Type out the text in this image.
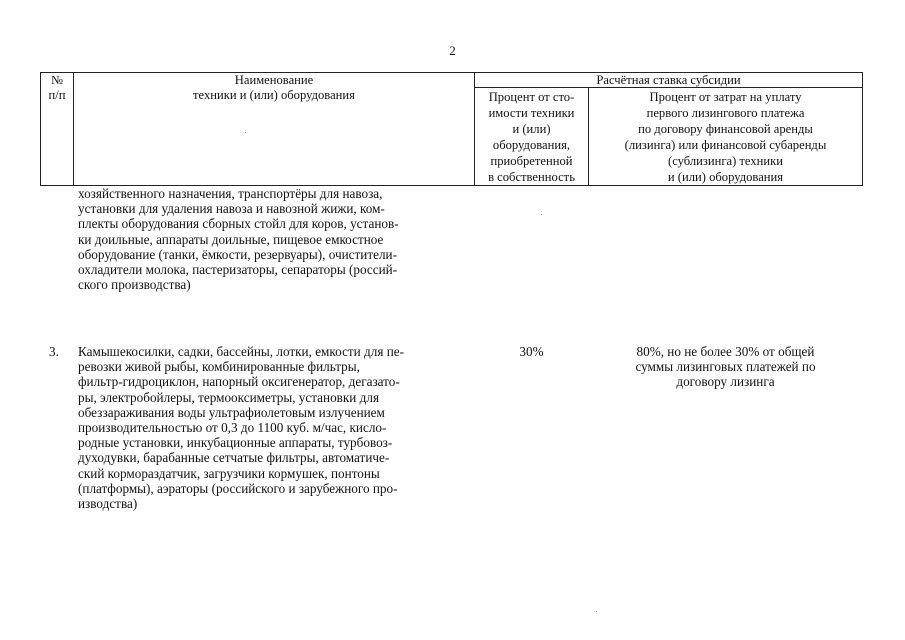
2
№
п/п
Наименование
техники и (или) оборудования
Расчётная ставка субсидии
Процент от сто-
имости техники
и (или)
оборудования,
приобретенной
в собственность
Процент от затрат на уплату
первого лизингового платежа
по договору финансовой аренды
(лизинга) или финансовой субаренды
(сублизинга) техники
и (или) оборудования
хозяйственного назначения, транспортёры для навоза,
установки для удаления навоза и навозной жижи, ком-
плекты оборудования сборных стойл для коров, установ-
ки доильные, аппараты доильные, пищевое емкостное
оборудование (танки, ёмкости, резервуары), очистители-
охладители молока, пастеризаторы, сепараторы (россий-
ского производства)
3. Камышекосилки, садки, бассейны, лотки, емкости для пе-
ревозки живой рыбы, комбинированные фильтры,
фильтр-гидроциклон, напорный оксигенератор, дегазато-
ры, электробойлеры, термооксиметры, установки для
обеззараживания воды ультрафиолетовым излучением
производительностью от 0,3 до 1100 куб. м/час, кисло-
родные установки, инкубационные аппараты, турбовоз-
духодувки, барабанные сетчатые фильтры, автоматиче-
ский кормораздатчик, загрузчики кормушек, понтоны
(платформы), аэраторы (российского и зарубежного про-
изводства)
30%	80%, но не более 30% от общей
суммы лизинговых платежей по
договору лизинга
